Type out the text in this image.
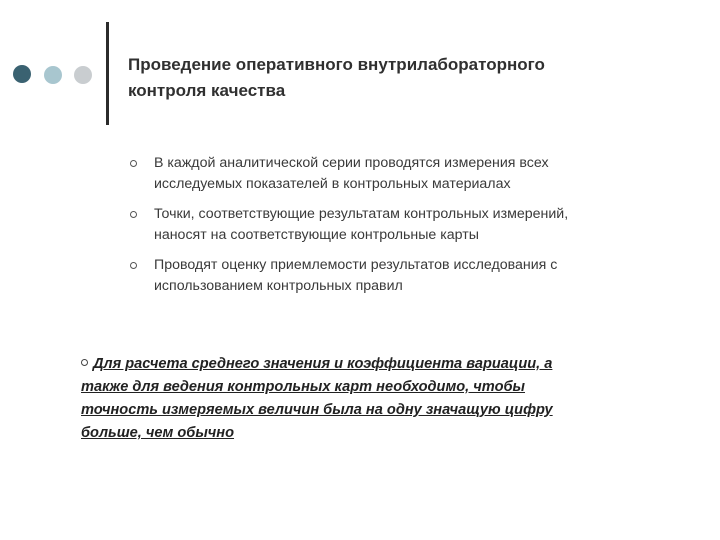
Проведение оперативного внутрилабораторного
контроля качества
В каждой аналитической серии проводятся измерения всех
исследуемых показателей в контрольных материалах
Точки, соответствующие результатам контрольных измерений,
наносят на соответствующие контрольные карты
Проводят оценку приемлемости результатов исследования с
использованием контрольных правил
Для расчета среднего значения и коэффициента вариации, а
также для ведения контрольных карт необходимо, чтобы
точность измеряемых величин была на одну значащую цифру
больше, чем обычно
